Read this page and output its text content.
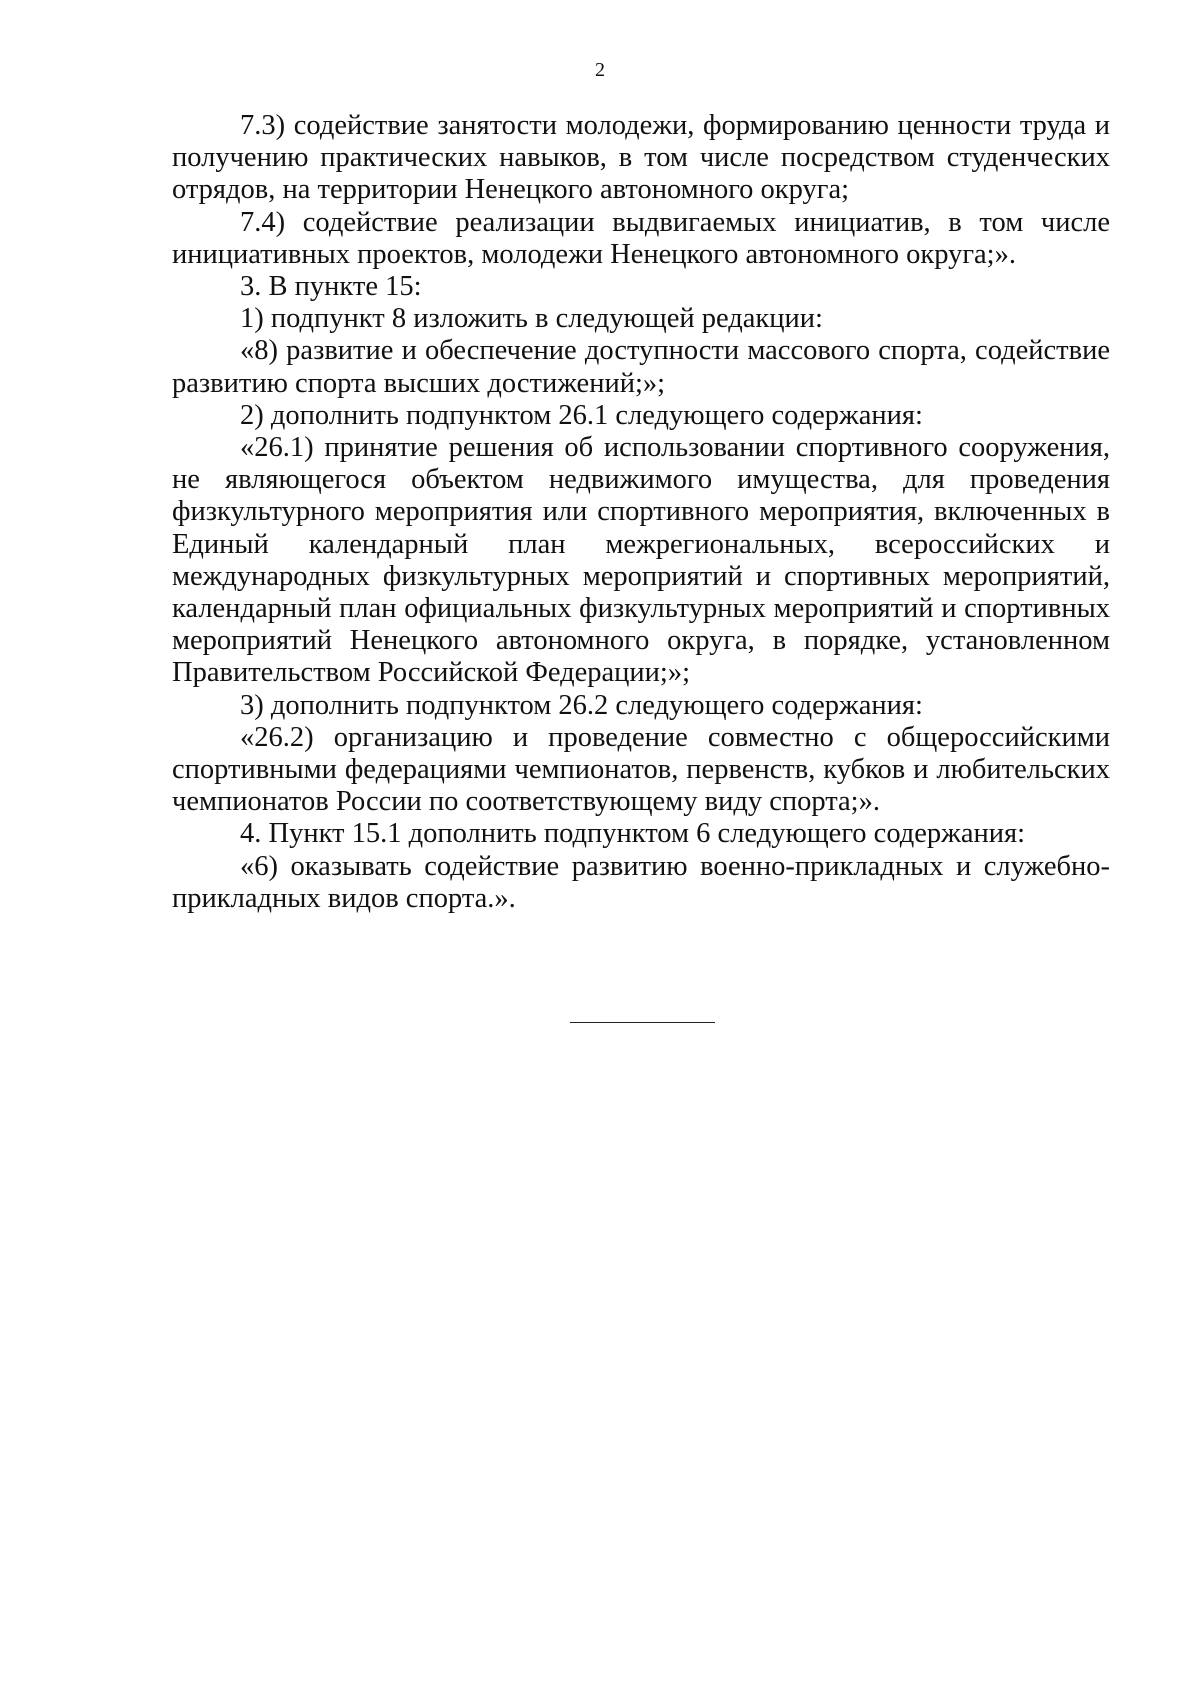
2

7.3) содействие занятости молодежи, формированию ценности труда и получению практических навыков, в том числе посредством студенческих отрядов, на территории Ненецкого автономного округа;

7.4) содействие реализации выдвигаемых инициатив, в том числе инициативных проектов, молодежи Ненецкого автономного округа;».

3. В пункте 15:

1) подпункт 8 изложить в следующей редакции:

«8) развитие и обеспечение доступности массового спорта, содействие развитию спорта высших достижений;»;

2) дополнить подпунктом 26.1 следующего содержания:

«26.1) принятие решения об использовании спортивного сооружения, не являющегося объектом недвижимого имущества, для проведения физкультурного мероприятия или спортивного мероприятия, включенных в Единый календарный план межрегиональных, всероссийских и международных физкультурных мероприятий и спортивных мероприятий, календарный план официальных физкультурных мероприятий и спортивных мероприятий Ненецкого автономного округа, в порядке, установленном Правительством Российской Федерации;»;

3) дополнить подпунктом 26.2 следующего содержания:

«26.2) организацию и проведение совместно с общероссийскими спортивными федерациями чемпионатов, первенств, кубков и любительских чемпионатов России по соответствующему виду спорта;».

4. Пункт 15.1 дополнить подпунктом 6 следующего содержания:

«6) оказывать содействие развитию военно-прикладных и служебно-прикладных видов спорта.».
